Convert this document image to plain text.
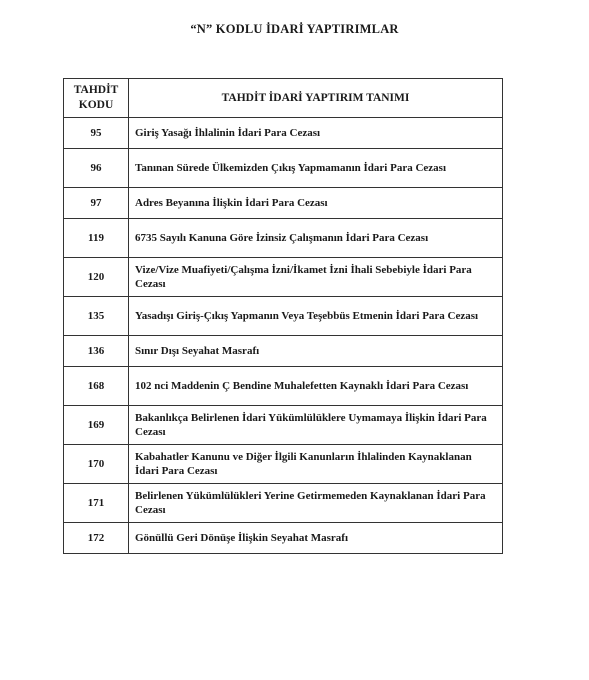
“N” KODLU İDARİ YAPTIRIMLAR
TAHDİT KODU	TAHDİT İDARİ YAPTIRIM TANIMI
95	Giriş Yasağı İhlalinin İdari Para Cezası
96	Tanınan Sürede Ülkemizden Çıkış Yapmamanın İdari Para Cezası
97	Adres Beyanına İlişkin İdari Para Cezası
119	6735 Sayılı Kanuna Göre İzinsiz Çalışmanın İdari Para Cezası
120	Vize/Vize Muafiyeti/Çalışma İzni/İkamet İzni İhali Sebebiyle İdari Para Cezası
135	Yasadışı Giriş-Çıkış Yapmanın Veya Teşebbüs Etmenin İdari Para Cezası
136	Sınır Dışı Seyahat Masrafı
168	102 nci Maddenin Ç Bendine Muhalefetten Kaynaklı İdari Para Cezası
169	Bakanlıkça Belirlenen İdari Yükümlülüklere Uymamaya İlişkin İdari Para Cezası
170	Kabahatler Kanunu ve Diğer İlgili Kanunların İhlalinden Kaynaklanan İdari Para Cezası
171	Belirlenen Yükümlülükleri Yerine Getirmemeden Kaynaklanan İdari Para Cezası
172	Gönüllü Geri Dönüşe İlişkin Seyahat Masrafı
